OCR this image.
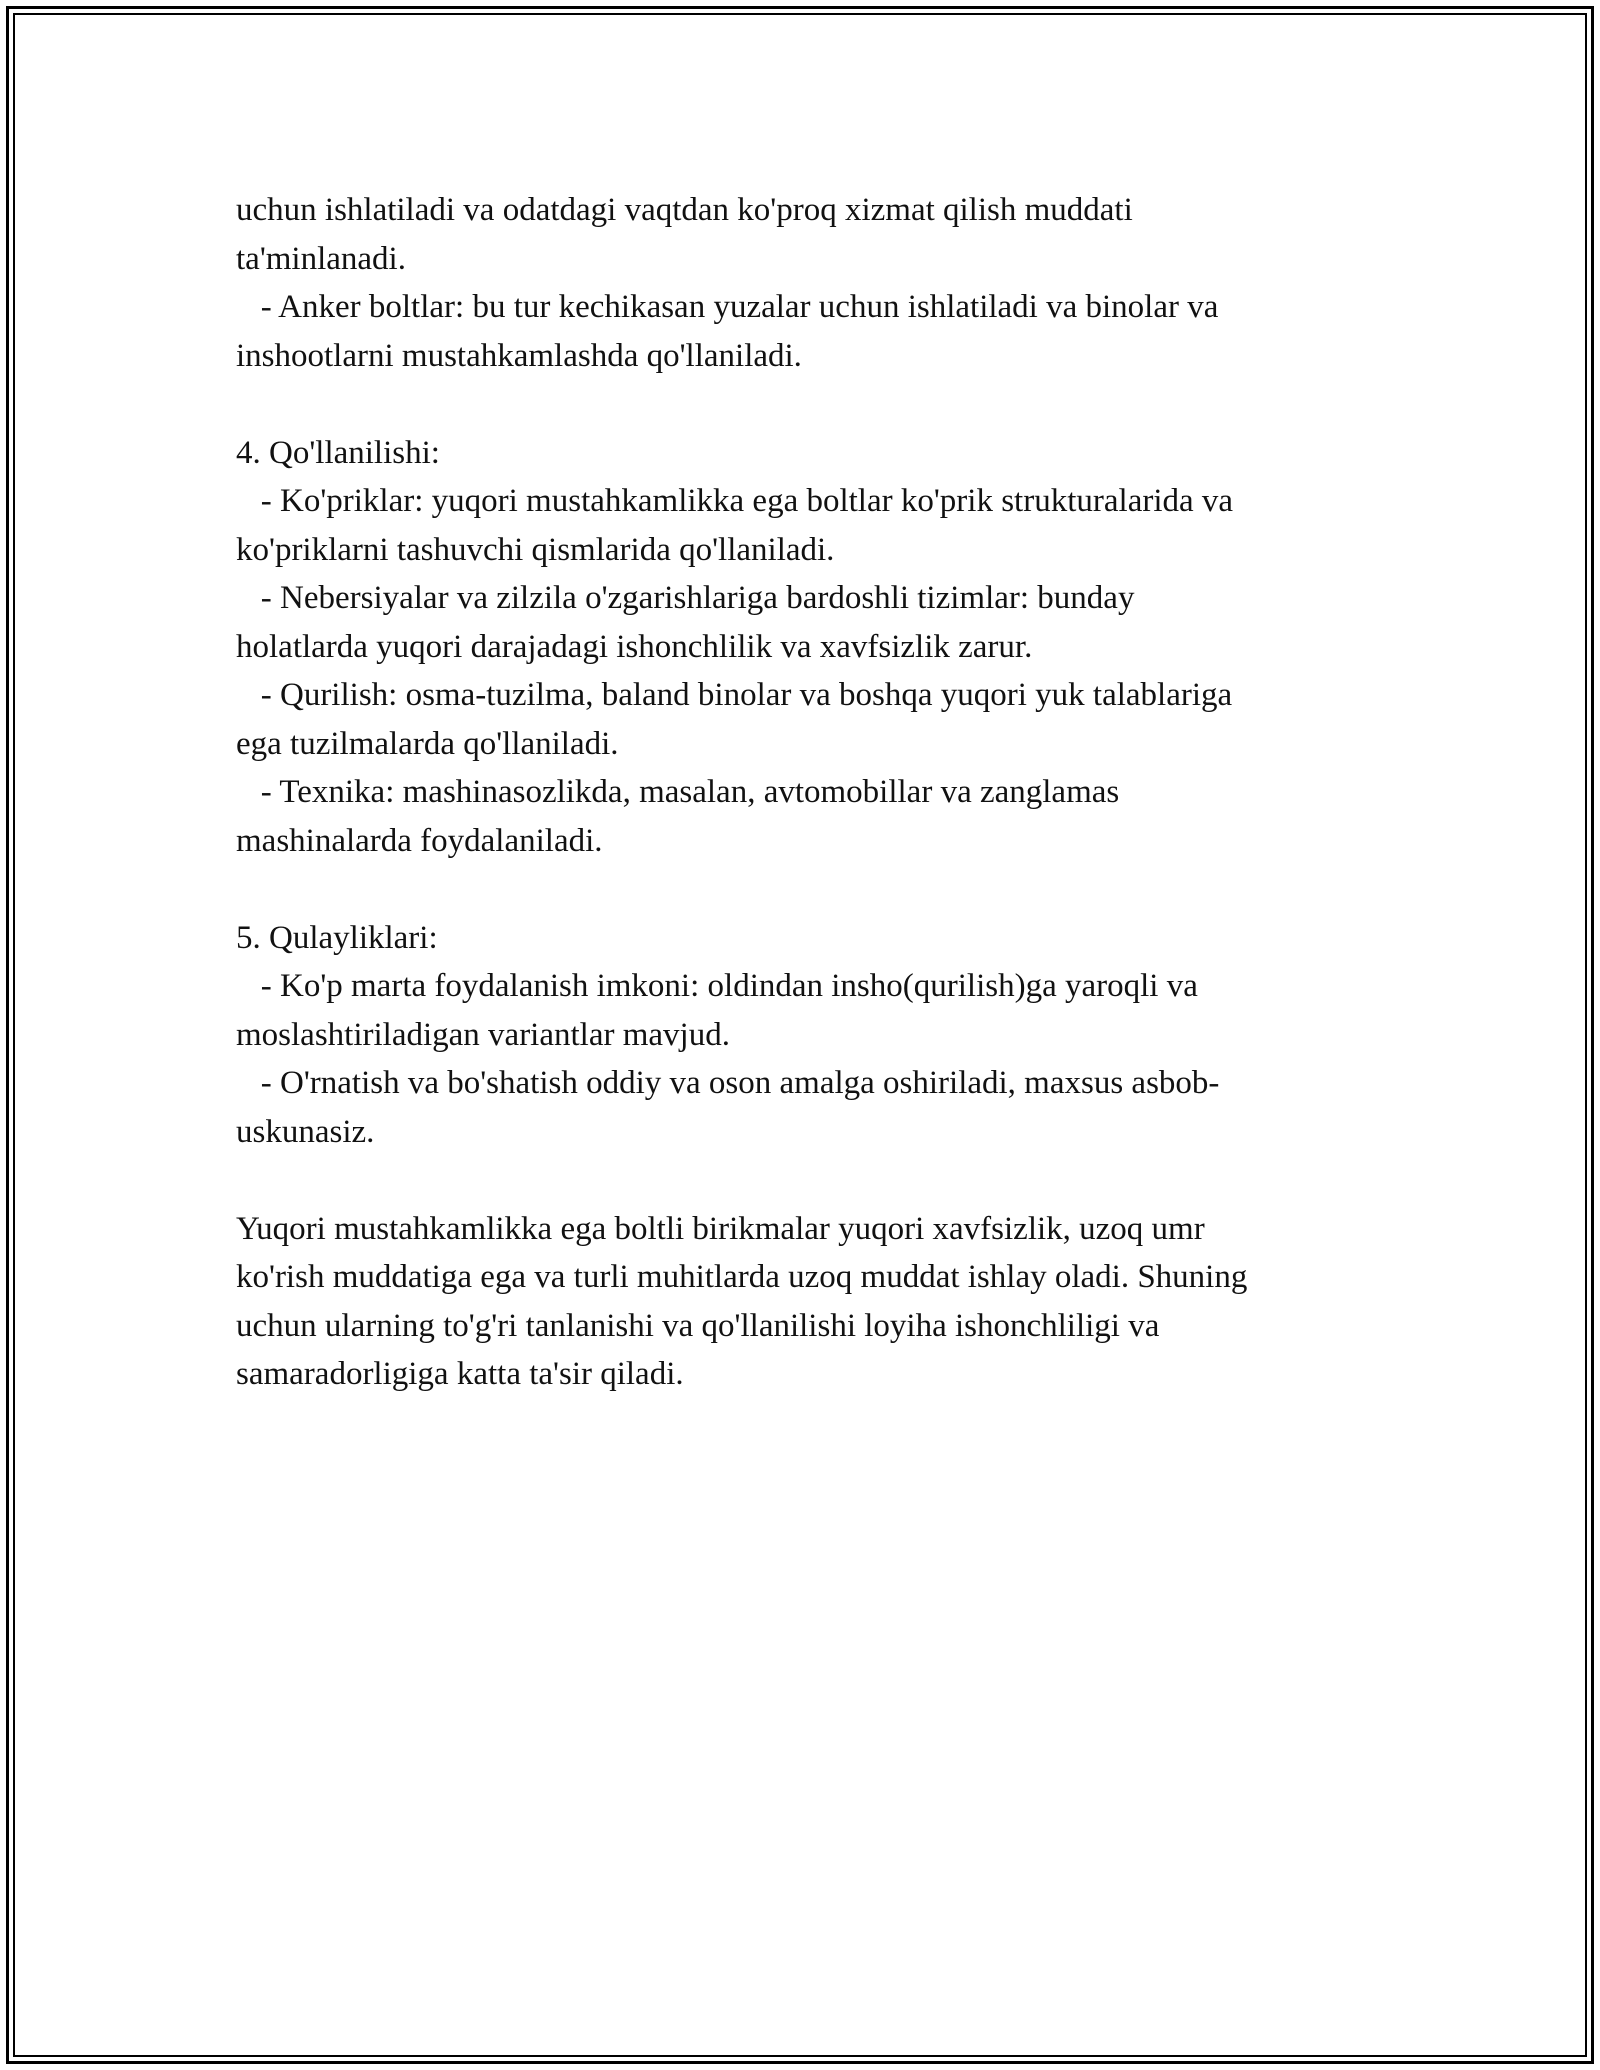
uchun ishlatiladi va odatdagi vaqtdan ko'proq xizmat qilish muddati
ta'minlanadi.
- Anker boltlar: bu tur kechikasan yuzalar uchun ishlatiladi va binolar va
inshootlarni mustahkamlashda qo'llaniladi.
4. Qo'llanilishi:
- Ko'priklar: yuqori mustahkamlikka ega boltlar ko'prik strukturalarida va
ko'priklarni tashuvchi qismlarida qo'llaniladi.
- Nebersiyalar va zilzila o'zgarishlariga bardoshli tizimlar: bunday
holatlarda yuqori darajadagi ishonchlilik va xavfsizlik zarur.
- Qurilish: osma-tuzilma, baland binolar va boshqa yuqori yuk talablariga
ega tuzilmalarda qo'llaniladi.
- Texnika: mashinasozlikda, masalan, avtomobillar va zanglamas
mashinalarda foydalaniladi.
5. Qulayliklari:
- Ko'p marta foydalanish imkoni: oldindan insho(qurilish)ga yaroqli va
moslashtiriladigan variantlar mavjud.
- O'rnatish va bo'shatish oddiy va oson amalga oshiriladi, maxsus asbob-
uskunasiz.
Yuqori mustahkamlikka ega boltli birikmalar yuqori xavfsizlik, uzoq umr
ko'rish muddatiga ega va turli muhitlarda uzoq muddat ishlay oladi. Shuning
uchun ularning to'g'ri tanlanishi va qo'llanilishi loyiha ishonchliligi va
samaradorligiga katta ta'sir qiladi.
